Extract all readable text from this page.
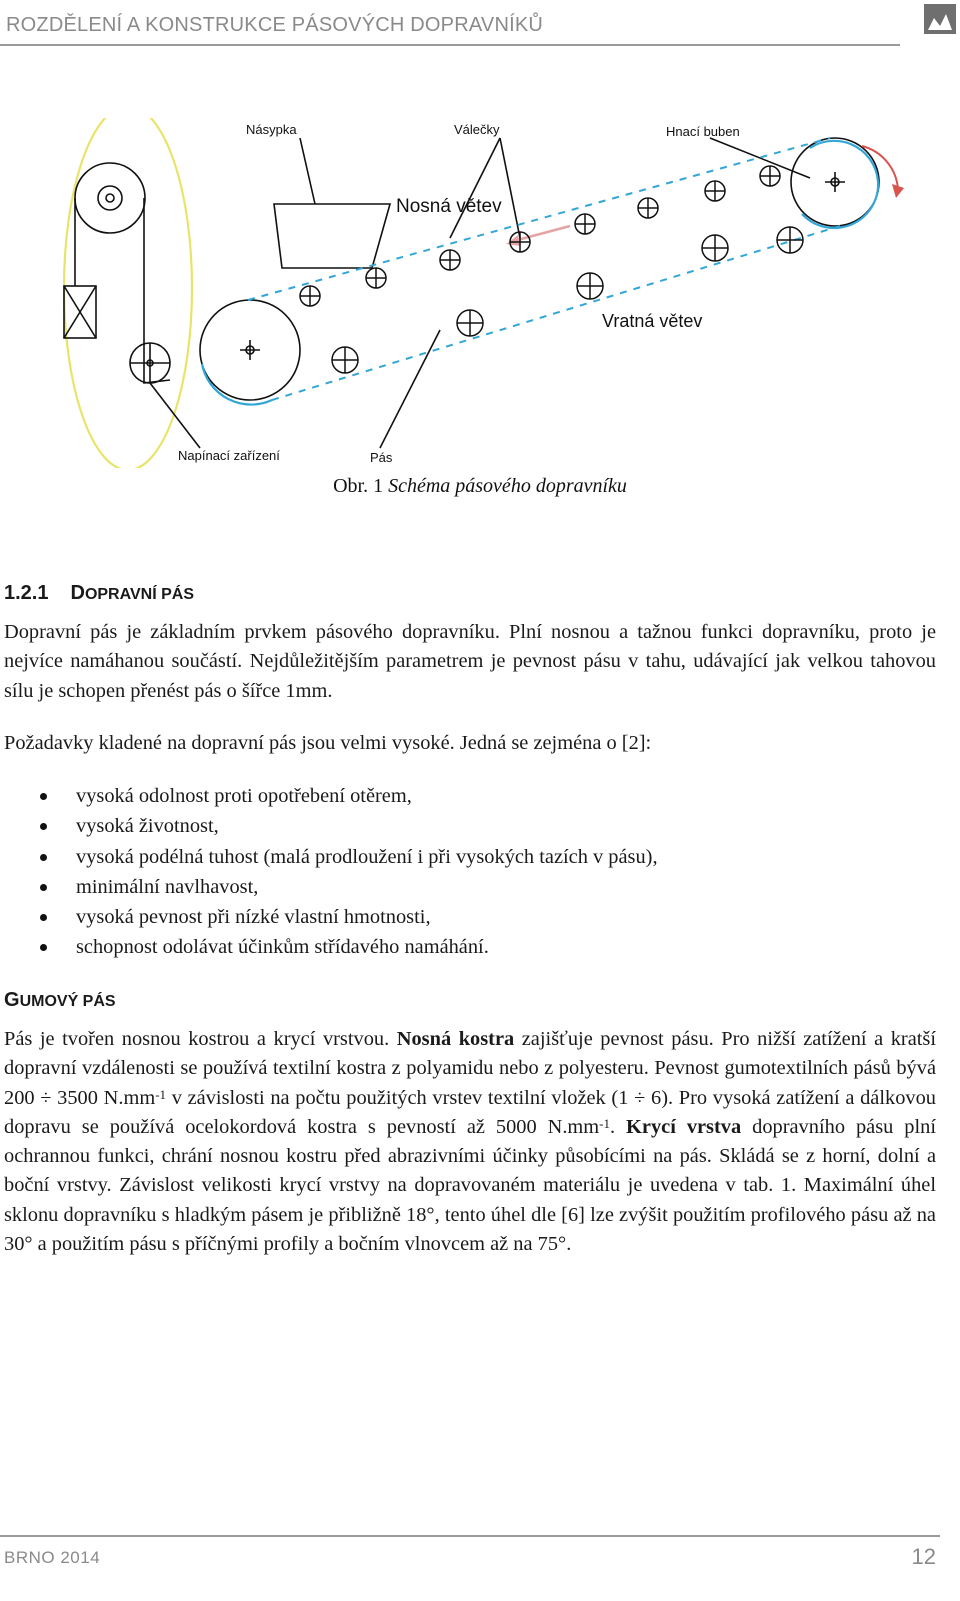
ROZDĚLENÍ A KONSTRUKCE PÁSOVÝCH DOPRAVNÍKŮ
Násypka	Válečky	Hnací buben
Nosná větev
Vratná větev
Napínací zařízení	Pás
Obr. 1 Schéma pásového dopravníku
1.2.1 DOPRAVNÍ PÁS
Dopravní pás je základním prvkem pásového dopravníku. Plní nosnou a tažnou funkci dopravníku, proto je nejvíce namáhanou součástí. Nejdůležitějším parametrem je pevnost pásu v tahu, udávající jak velkou tahovou sílu je schopen přenést pás o šířce 1mm.
Požadavky kladené na dopravní pás jsou velmi vysoké. Jedná se zejména o [2]:
vysoká odolnost proti opotřebení otěrem,
vysoká životnost,
vysoká podélná tuhost (malá prodloužení i při vysokých tazích v pásu),
minimální navlhavost,
vysoká pevnost při nízké vlastní hmotnosti,
schopnost odolávat účinkům střídavého namáhání.
GUMOVÝ PÁS
Pás je tvořen nosnou kostrou a krycí vrstvou. Nosná kostra zajišťuje pevnost pásu. Pro nižší zatížení a kratší dopravní vzdálenosti se používá textilní kostra z polyamidu nebo z polyesteru. Pevnost gumotextilních pásů bývá 200 ÷ 3500 $N.mm^{-1}$ v závislosti na počtu použitých vrstev textilní vložek (1 ÷ 6). Pro vysoká zatížení a dálkovou dopravu se používá ocelokordová kostra s pevností až 5000 $N.mm^{-1}$. Krycí vrstva dopravního pásu plní ochrannou funkci, chrání nosnou kostru před abrazivními účinky působícími na pás. Skládá se z horní, dolní a boční vrstvy. Závislost velikosti krycí vrstvy na dopravovaném materiálu je uvedena v tab. 1. Maximální úhel sklonu dopravníku s hladkým pásem je přibližně 18°, tento úhel dle [6] lze zvýšit použitím profilového pásu až na 30° a použitím pásu s příčnými profily a bočním vlnovcem až na 75°.
BRNO 2014	12
